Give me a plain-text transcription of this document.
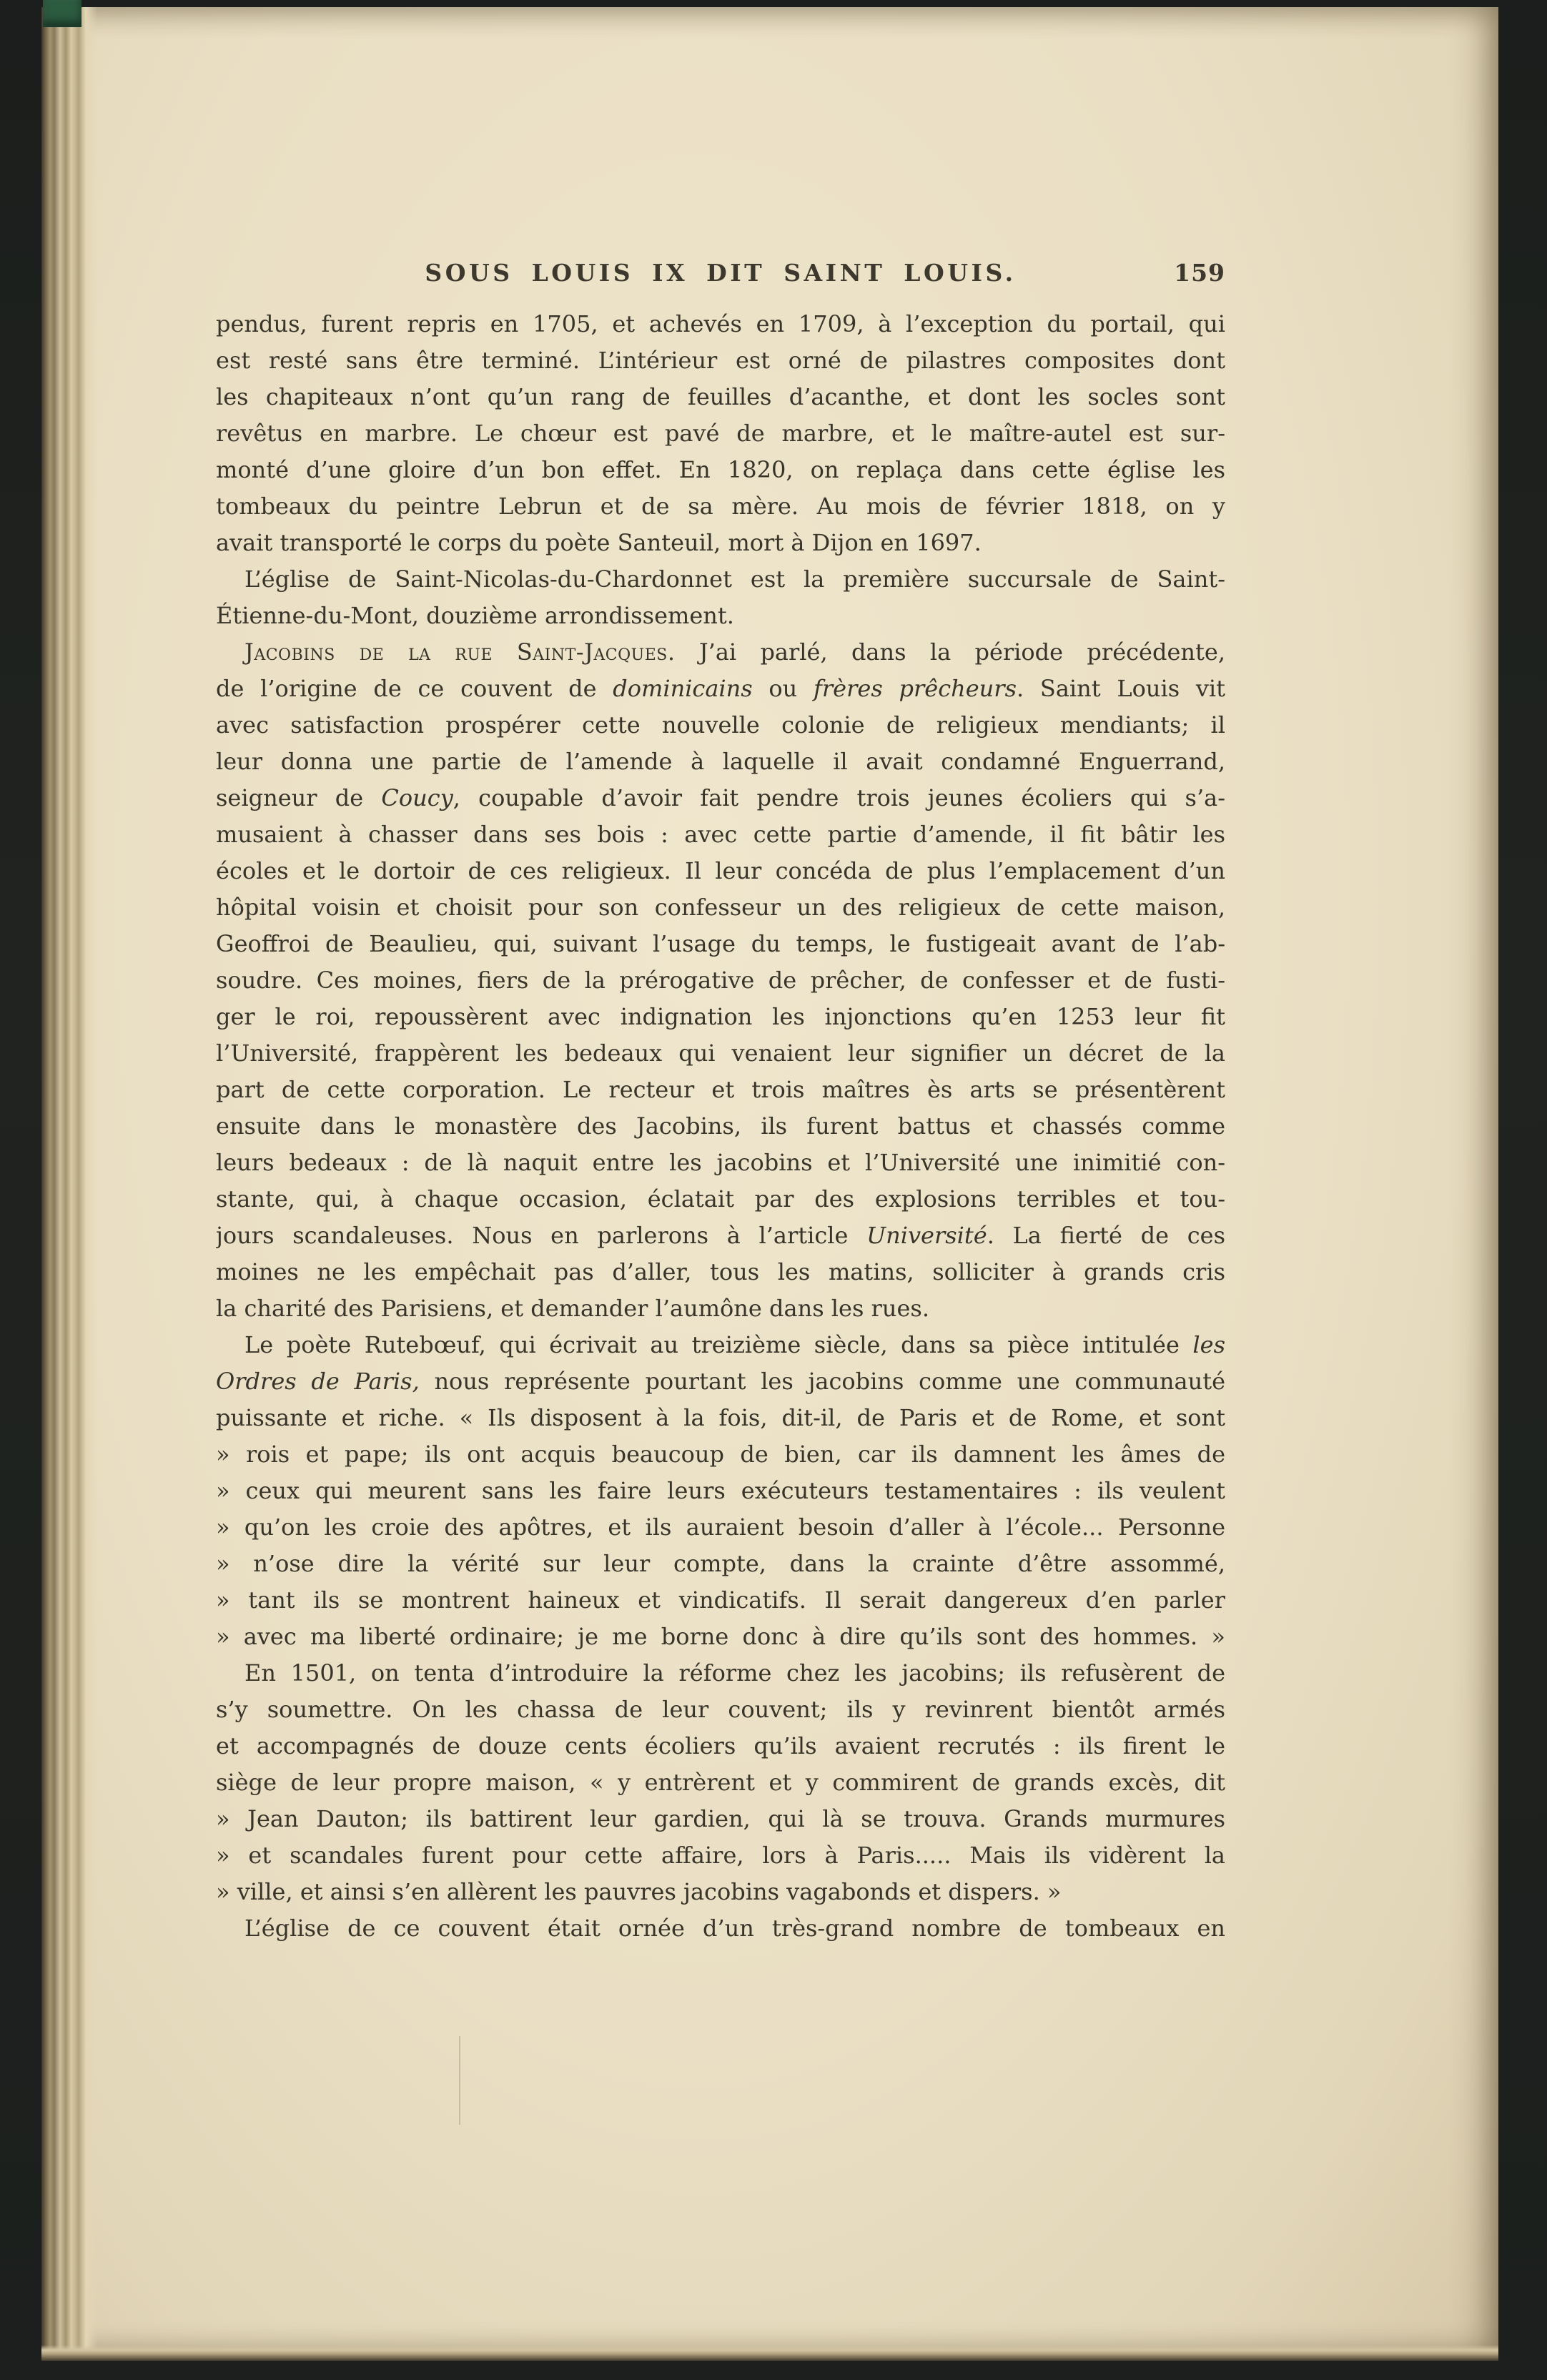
SOUS LOUIS IX DIT SAINT LOUIS.	159
pendus, furent repris en 1705, et achevés en 1709, à l’exception du portail, qui
est resté sans être terminé. L’intérieur est orné de pilastres composites dont
les chapiteaux n’ont qu’un rang de feuilles d’acanthe, et dont les socles sont
revêtus en marbre. Le chœur est pavé de marbre, et le maître-autel est sur-
monté d’une gloire d’un bon effet. En 1820, on replaça dans cette église les
tombeaux du peintre Lebrun et de sa mère. Au mois de février 1818, on y
avait transporté le corps du poète Santeuil, mort à Dijon en 1697.
L’église de Saint-Nicolas-du-Chardonnet est la première succursale de Saint-
Étienne-du-Mont, douzième arrondissement.
Jacobins de la rue Saint-Jacques. J’ai parlé, dans la période précédente,
de l’origine de ce couvent de dominicains ou frères prêcheurs. Saint Louis vit
avec satisfaction prospérer cette nouvelle colonie de religieux mendiants; il
leur donna une partie de l’amende à laquelle il avait condamné Enguerrand,
seigneur de Coucy, coupable d’avoir fait pendre trois jeunes écoliers qui s’a-
musaient à chasser dans ses bois : avec cette partie d’amende, il fit bâtir les
écoles et le dortoir de ces religieux. Il leur concéda de plus l’emplacement d’un
hôpital voisin et choisit pour son confesseur un des religieux de cette maison,
Geoffroi de Beaulieu, qui, suivant l’usage du temps, le fustigeait avant de l’ab-
soudre. Ces moines, fiers de la prérogative de prêcher, de confesser et de fusti-
ger le roi, repoussèrent avec indignation les injonctions qu’en 1253 leur fit
l’Université, frappèrent les bedeaux qui venaient leur signifier un décret de la
part de cette corporation. Le recteur et trois maîtres ès arts se présentèrent
ensuite dans le monastère des Jacobins, ils furent battus et chassés comme
leurs bedeaux : de là naquit entre les jacobins et l’Université une inimitié con-
stante, qui, à chaque occasion, éclatait par des explosions terribles et tou-
jours scandaleuses. Nous en parlerons à l’article Université. La fierté de ces
moines ne les empêchait pas d’aller, tous les matins, solliciter à grands cris
la charité des Parisiens, et demander l’aumône dans les rues.
Le poète Rutebœuf, qui écrivait au treizième siècle, dans sa pièce intitulée les
Ordres de Paris, nous représente pourtant les jacobins comme une communauté
puissante et riche. « Ils disposent à la fois, dit-il, de Paris et de Rome, et sont
» rois et pape; ils ont acquis beaucoup de bien, car ils damnent les âmes de
» ceux qui meurent sans les faire leurs exécuteurs testamentaires : ils veulent
» qu’on les croie des apôtres, et ils auraient besoin d’aller à l’école... Personne
» n’ose dire la vérité sur leur compte, dans la crainte d’être assommé,
» tant ils se montrent haineux et vindicatifs. Il serait dangereux d’en parler
» avec ma liberté ordinaire; je me borne donc à dire qu’ils sont des hommes. »
En 1501, on tenta d’introduire la réforme chez les jacobins; ils refusèrent de
s’y soumettre. On les chassa de leur couvent; ils y revinrent bientôt armés
et accompagnés de douze cents écoliers qu’ils avaient recrutés : ils firent le
siège de leur propre maison, « y entrèrent et y commirent de grands excès, dit
» Jean Dauton; ils battirent leur gardien, qui là se trouva. Grands murmures
» et scandales furent pour cette affaire, lors à Paris..... Mais ils vidèrent la
» ville, et ainsi s’en allèrent les pauvres jacobins vagabonds et dispers. »
L’église de ce couvent était ornée d’un très-grand nombre de tombeaux en
